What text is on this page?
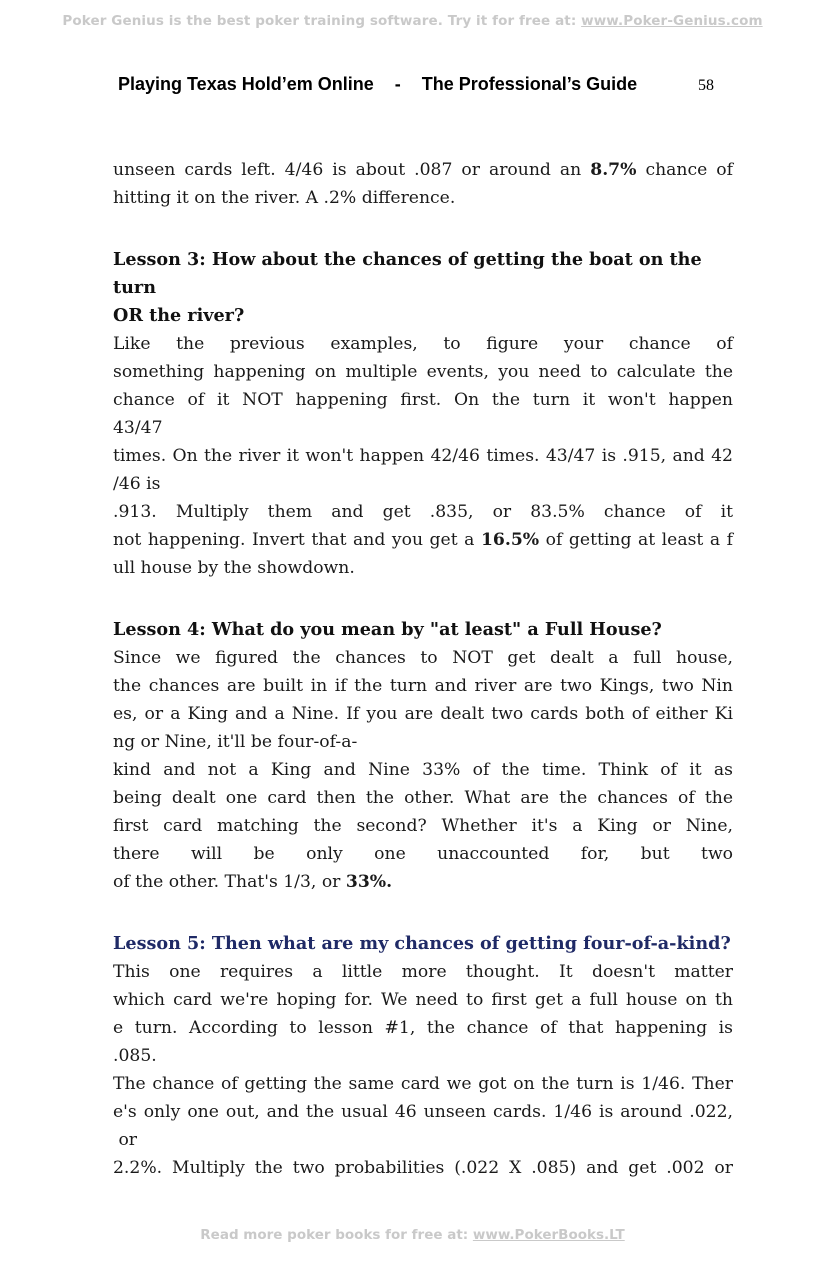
Poker Genius is the best poker training software. Try it for free at: www.Poker-Genius.com
Playing Texas Hold’em Online - The Professional’s Guide	58

unseen cards left. 4/46 is about .087 or around an 8.7% chance of

hitting it on the river. A .2% difference.

Lesson 3: How about the chances of getting the boat on the turn
OR the river?

Like the previous examples, to figure your chance of

something happening on multiple events, you need to calculate the

chance of it NOT happening first. On the turn it won't happen

43/47

times. On the river it won't happen 42/46 times. 43/47 is .915, and 42

/46 is

.913. Multiply them and get .835, or 83.5% chance of it

not happening. Invert that and you get a 16.5% of getting at least a f

ull house by the showdown.

Lesson 4: What do you mean by "at least" a Full House?

Since we figured the chances to NOT get dealt a full house,

the chances are built in if the turn and river are two Kings, two Nin

es, or a King and a Nine. If you are dealt two cards both of either Ki

ng or Nine, it'll be four-of-a-

kind and not a King and Nine 33% of the time. Think of it as

being dealt one card then the other. What are the chances of the

first card matching the second? Whether it's a King or Nine,

there will be only one unaccounted for, but two

of the other. That's 1/3, or 33%.

Lesson 5: Then what are my chances of getting four-of-a-kind?

This one requires a little more thought. It doesn't matter

which card we're hoping for. We need to first get a full house on th

e turn. According to lesson #1, the chance of that happening is

.085.

The chance of getting the same card we got on the turn is 1/46. Ther

e's only one out, and the usual 46 unseen cards. 1/46 is around .022,

or

2.2%. Multiply the two probabilities (.022 X .085) and get .002 or

Read more poker books for free at: www.PokerBooks.LT
